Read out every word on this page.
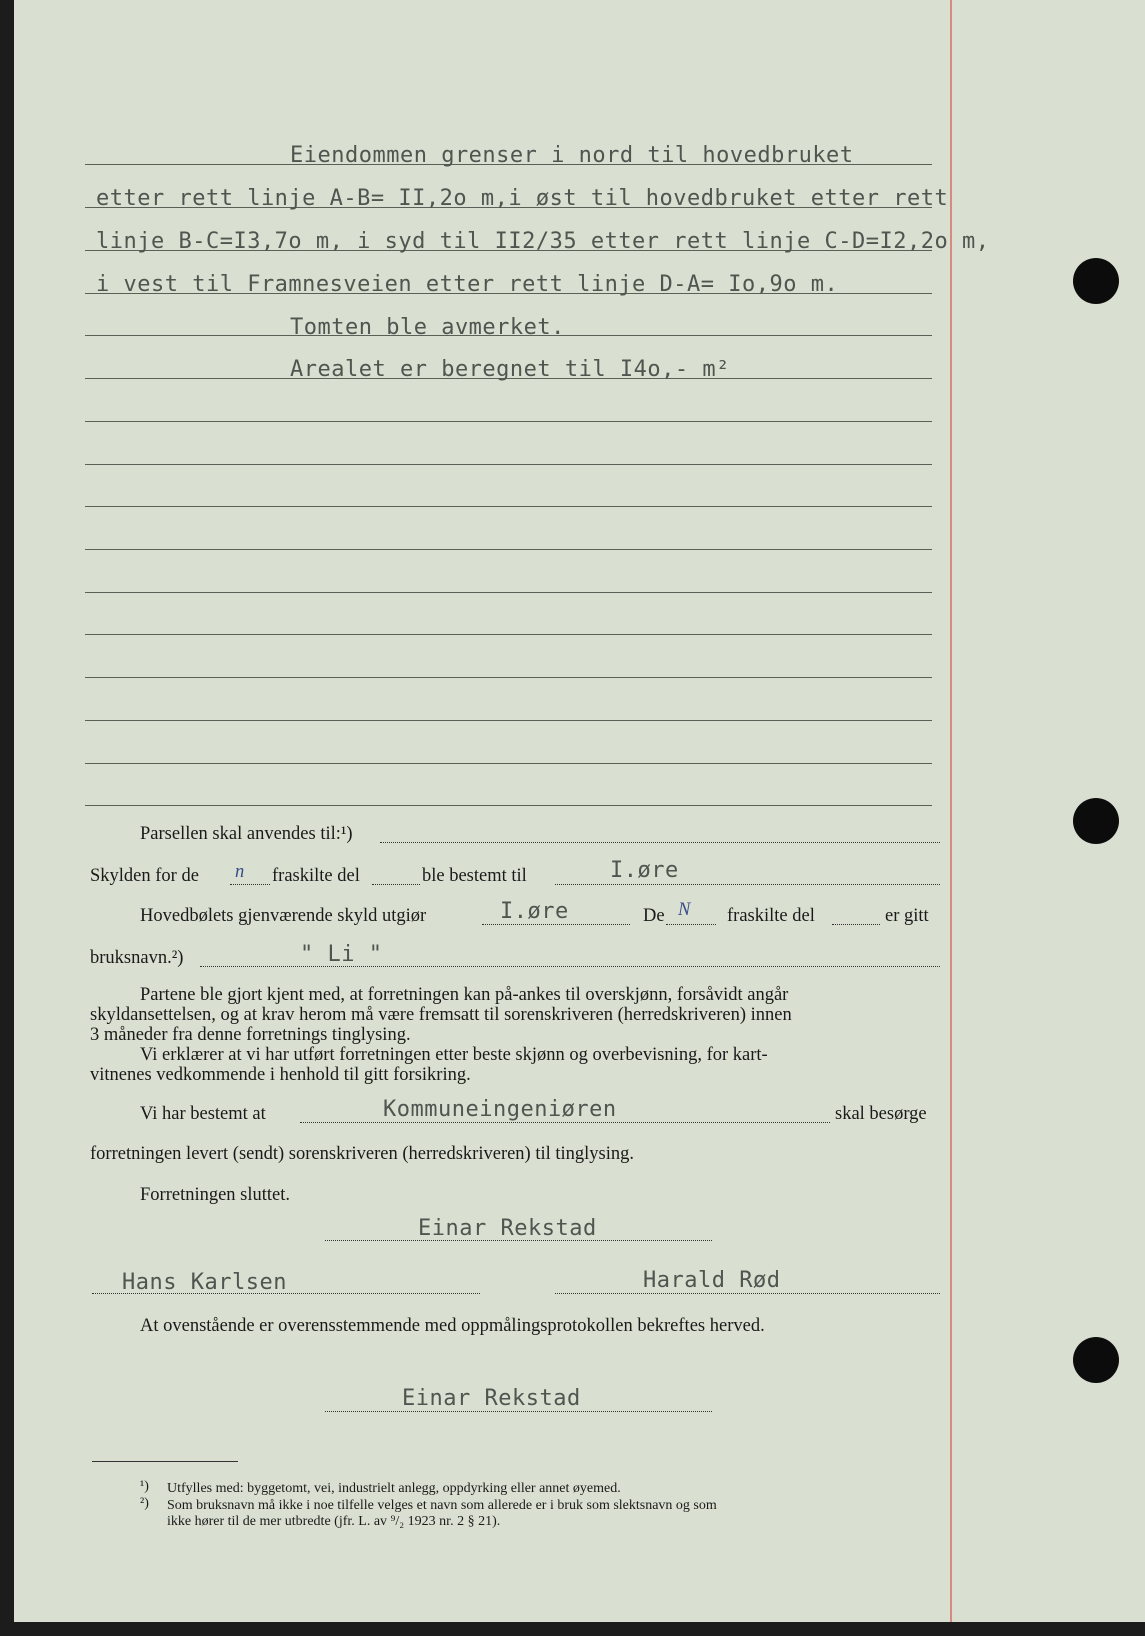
Eiendommen grenser i nord til hovedbruket
etter rett linje A-B= II,2o m,i øst til hovedbruket etter rett
linje B-C=I3,7o m, i syd til II2/35 etter rett linje C-D=I2,2o m,
i vest til Framnesveien etter rett linje D-A= Io,9o m.
Tomten ble avmerket.
Arealet er beregnet til I4o,- m²
Parsellen skal anvendes til:¹)
Skylden for de n fraskilte del	ble bestemt til	I.øre
Hovedbølets gjenværende skyld utgiør	I.øre	De N fraskilte del	er gitt
bruksnavn.²)	" Li "
Partene ble gjort kjent med, at forretningen kan på-ankes til overskjønn, forsåvidt angår
skyldansettelsen, og at krav herom må være fremsatt til sorenskriveren (herredskriveren) innen
3 måneder fra denne forretnings tinglysing.
Vi erklærer at vi har utført forretningen etter beste skjønn og overbevisning, for kart-
vitnenes vedkommende i henhold til gitt forsikring.
Vi har bestemt at	Kommuneingeniøren	skal besørge
forretningen levert (sendt) sorenskriveren (herredskriveren) til tinglysing.
Forretningen sluttet.
Einar Rekstad
Hans Karlsen	Harald Rød
At ovenstående er overensstemmende med oppmålingsprotokollen bekreftes herved.
Einar Rekstad
¹) Utfylles med: byggetomt, vei, industrielt anlegg, oppdyrking eller annet øyemed.
²) Som bruksnavn må ikke i noe tilfelle velges et navn som allerede er i bruk som slektsnavn og som
ikke hører til de mer utbredte (jfr. L. av ⁹/₂ 1923 nr. 2 § 21).
